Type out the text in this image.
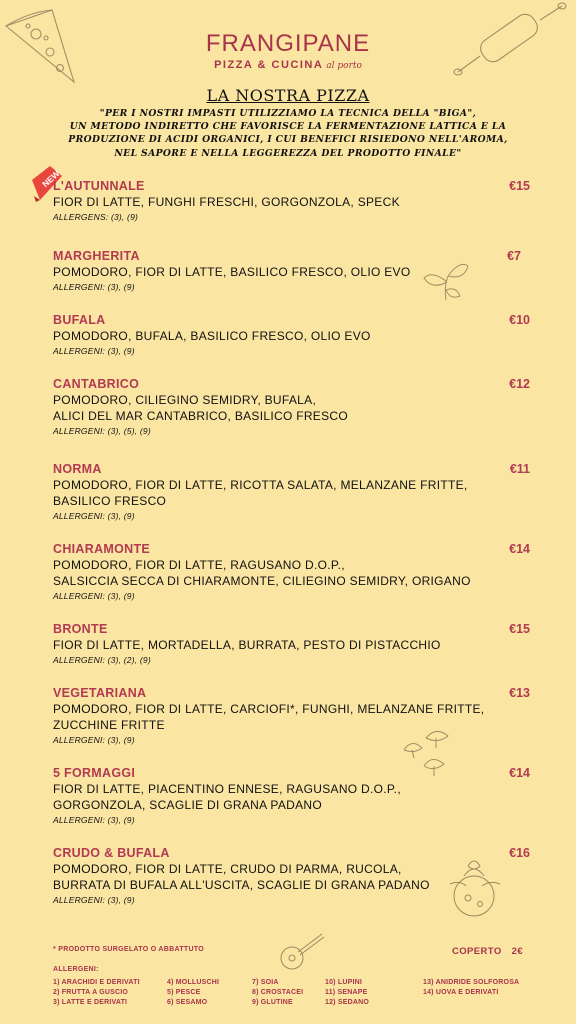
FRANGIPANE
PIZZA & CUCINA al porto
LA NOSTRA PIZZA
"PER I NOSTRI IMPASTI UTILIZZIAMO LA TECNICA DELLA "BIGA",
UN METODO INDIRETTO CHE FAVORISCE LA FERMENTAZIONE LATTICA E LA
PRODUZIONE DI ACIDI ORGANICI, I CUI BENEFICI RISIEDONO NELL'AROMA,
NEL SAPORE E NELLA LEGGEREZZA DEL PRODOTTO FINALE"
NEW
L'AUTUNNALE	€15
FIOR DI LATTE, FUNGHI FRESCHI, GORGONZOLA, SPECK
ALLERGENS: (3), (9)
MARGHERITA	€7
POMODORO, FIOR DI LATTE, BASILICO FRESCO, OLIO EVO
ALLERGENI: (3), (9)
BUFALA	€10
POMODORO, BUFALA, BASILICO FRESCO, OLIO EVO
ALLERGENI: (3), (9)
CANTABRICO	€12
POMODORO, CILIEGINO SEMIDRY, BUFALA,
ALICI DEL MAR CANTABRICO, BASILICO FRESCO
ALLERGENI: (3), (5), (9)
NORMA	€11
POMODORO, FIOR DI LATTE, RICOTTA SALATA, MELANZANE FRITTE,
BASILICO FRESCO
ALLERGENI: (3), (9)
CHIARAMONTE	€14
POMODORO, FIOR DI LATTE, RAGUSANO D.O.P.,
SALSICCIA SECCA DI CHIARAMONTE, CILIEGINO SEMIDRY, ORIGANO
ALLERGENI: (3), (9)
BRONTE	€15
FIOR DI LATTE, MORTADELLA, BURRATA, PESTO DI PISTACCHIO
ALLERGENI: (3), (2), (9)
VEGETARIANA	€13
POMODORO, FIOR DI LATTE, CARCIOFI*, FUNGHI, MELANZANE FRITTE,
ZUCCHINE FRITTE
ALLERGENI: (3), (9)
5 FORMAGGI	€14
FIOR DI LATTE, PIACENTINO ENNESE, RAGUSANO D.O.P.,
GORGONZOLA, SCAGLIE DI GRANA PADANO
ALLERGENI: (3), (9)
CRUDO & BUFALA	€16
POMODORO, FIOR DI LATTE, CRUDO DI PARMA, RUCOLA,
BURRATA DI BUFALA ALL'USCITA, SCAGLIE DI GRANA PADANO
ALLERGENI: (3), (9)
* PRODOTTO SURGELATO O ABBATTUTO	COPERTO 2€
ALLERGENI:
1) ARACHIDI E DERIVATI
2) FRUTTA A GUSCIO
3) LATTE E DERIVATI
4) MOLLUSCHI
5) PESCE
6) SESAMO
7) SOIA
8) CROSTACEI
9) GLUTINE
10) LUPINI
11) SENAPE
12) SEDANO
13) ANIDRIDE SOLFOROSA
14) UOVA E DERIVATI
